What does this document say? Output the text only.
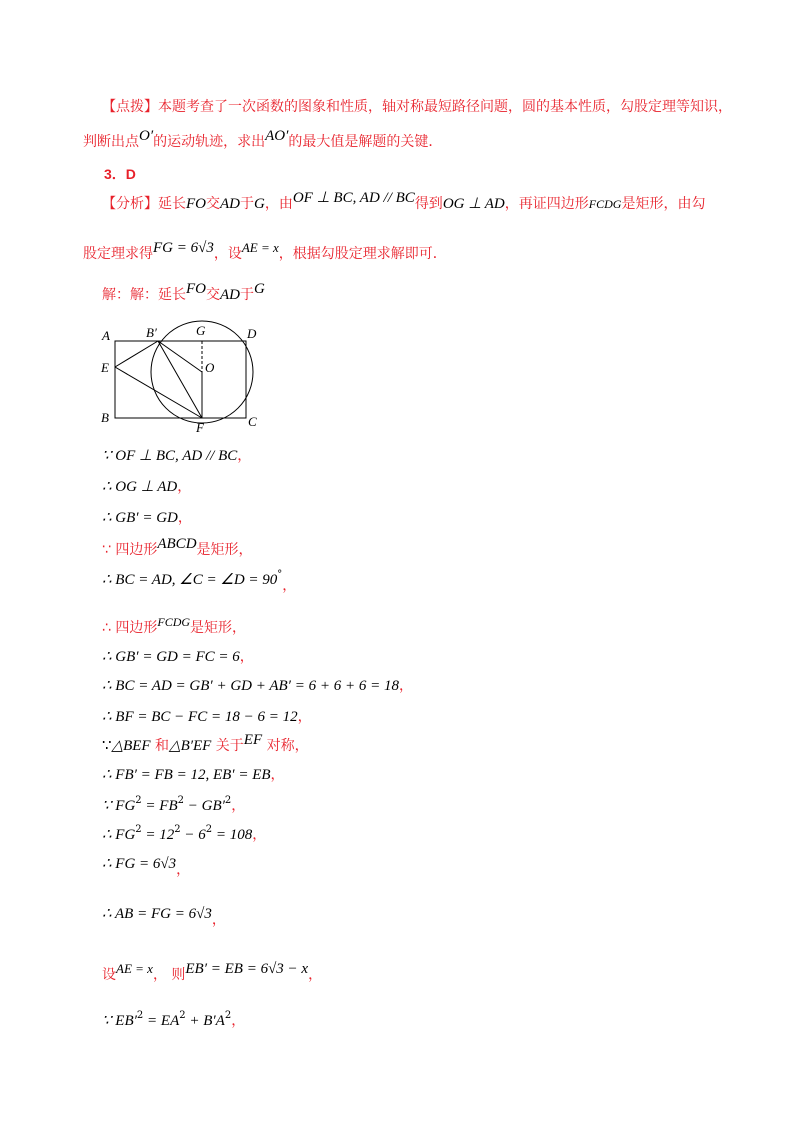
【点拨】本题考查了一次函数的图象和性质，轴对称最短路径问题，圆的基本性质，勾股定理等知识，
判断出点O′的运动轨迹，求出AO′的最大值是解题的关键．
3．D
【分析】延长FO交AD于G，由OF ⊥ BC, AD // BC得到OG ⊥ AD，再证四边形FCDG是矩形，由勾
股定理求得FG = 6√3，设AE = x，根据勾股定理求解即可．
解：解：延长FO交AD于G
A	B′	G	D
E	O
B
F	C
∵ OF ⊥ BC, AD // BC，
∴ OG ⊥ AD，
∴ GB′ = GD，
∵ 四边形ABCD是矩形，
∴ BC = AD, ∠C = ∠D = 90°，
∴ 四边形FCDG是矩形，
∴ GB′ = GD = FC = 6，
∴ BC = AD = GB′ + GD + AB′ = 6 + 6 + 6 = 18，
∴ BF = BC − FC = 18 − 6 = 12，
∵△BEF 和△B′EF 关于EF 对称，
∴ FB′ = FB = 12, EB′ = EB，
∵ $FG^2 = FB^2 - GB'^2$，
∴ $FG^2 = 12^2 - 6^2 = 108$，
∴ FG = 6√3，
∴ AB = FG = 6√3，
设AE = x， 则EB′ = EB = 6√3 − x，
∵ $EB'^2 = EA^2 + B'A^2$，
